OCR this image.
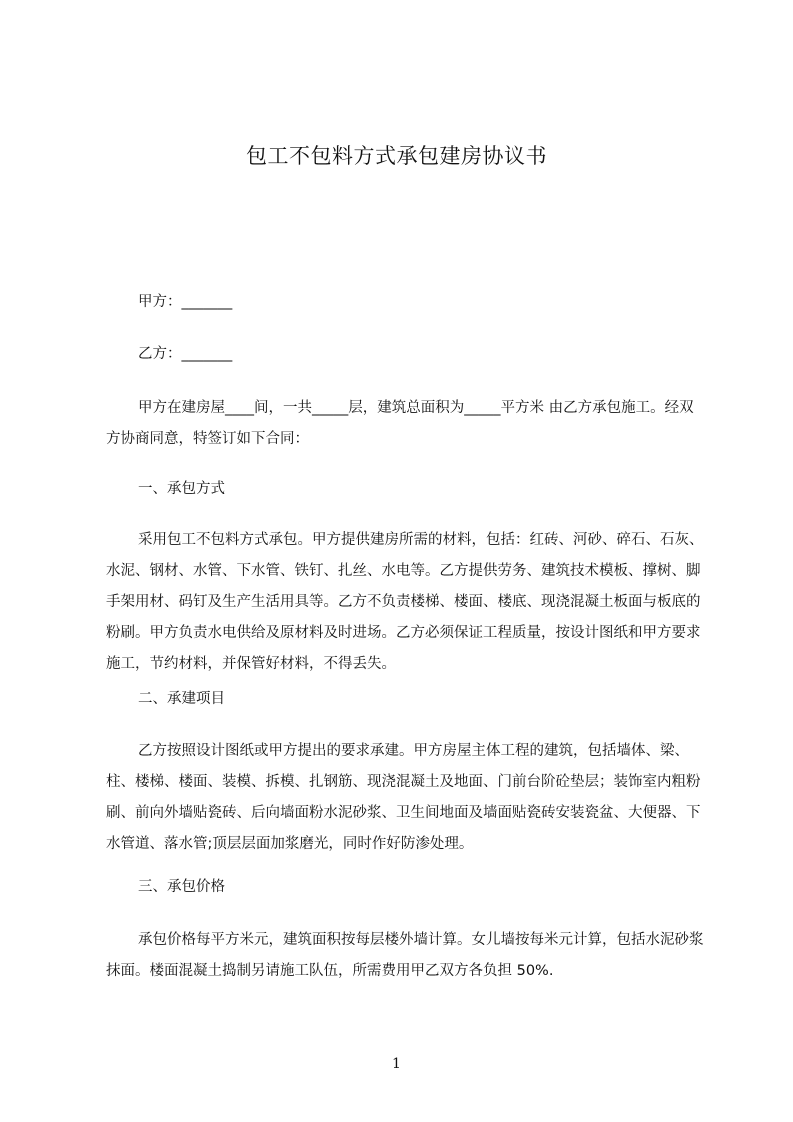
包工不包料方式承包建房协议书
甲方：_______
乙方：_______

甲方在建房屋____间，一共_____层，建筑总面积为_____平方米 由乙方承包施工。经双方协商同意，特签订如下合同：

一、承包方式

采用包工不包料方式承包。甲方提供建房所需的材料，包括：红砖、河砂、碎石、石灰、水泥、钢材、水管、下水管、铁钉、扎丝、水电等。乙方提供劳务、建筑技术模板、撑树、脚手架用材、码钉及生产生活用具等。乙方不负责楼梯、楼面、楼底、现浇混凝土板面与板底的粉刷。甲方负责水电供给及原材料及时进场。乙方必须保证工程质量，按设计图纸和甲方要求施工，节约材料，并保管好材料，不得丢失。

二、承建项目

乙方按照设计图纸或甲方提出的要求承建。甲方房屋主体工程的建筑，包括墙体、梁、柱、楼梯、楼面、装模、拆模、扎钢筋、现浇混凝土及地面、门前台阶砼垫层；装饰室内粗粉刷、前向外墙贴瓷砖、后向墙面粉水泥砂浆、卫生间地面及墙面贴瓷砖安装瓷盆、大便器、下水管道、落水管;顶层层面加浆磨光，同时作好防渗处理。

三、承包价格

承包价格每平方米元，建筑面积按每层楼外墙计算。女儿墙按每米元计算，包括水泥砂浆抹面。楼面混凝土捣制另请施工队伍，所需费用甲乙双方各负担 50%.

1
